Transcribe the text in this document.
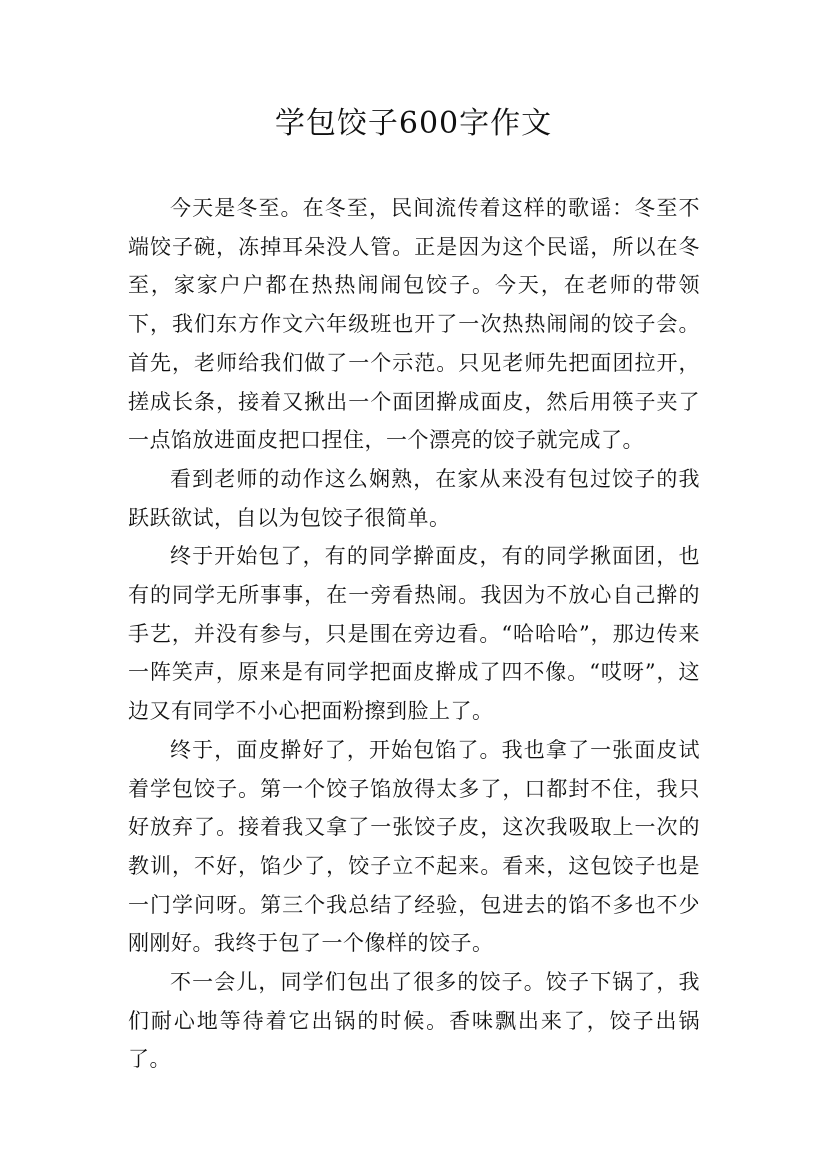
学包饺子600字作文

今天是冬至。在冬至，民间流传着这样的歌谣：冬至不端饺子碗，冻掉耳朵没人管。正是因为这个民谣，所以在冬至，家家户户都在热热闹闹包饺子。今天，在老师的带领下，我们东方作文六年级班也开了一次热热闹闹的饺子会。首先，老师给我们做了一个示范。只见老师先把面团拉开，搓成长条，接着又揪出一个面团擀成面皮，然后用筷子夹了一点馅放进面皮把口捏住，一个漂亮的饺子就完成了。

看到老师的动作这么娴熟，在家从来没有包过饺子的我跃跃欲试，自以为包饺子很简单。

终于开始包了，有的同学擀面皮，有的同学揪面团，也有的同学无所事事，在一旁看热闹。我因为不放心自己擀的手艺，并没有参与，只是围在旁边看。“哈哈哈”，那边传来一阵笑声，原来是有同学把面皮擀成了四不像。“哎呀”，这边又有同学不小心把面粉擦到脸上了。

终于，面皮擀好了，开始包馅了。我也拿了一张面皮试着学包饺子。第一个饺子馅放得太多了，口都封不住，我只好放弃了。接着我又拿了一张饺子皮，这次我吸取上一次的教训，不好，馅少了，饺子立不起来。看来，这包饺子也是一门学问呀。第三个我总结了经验，包进去的馅不多也不少刚刚好。我终于包了一个像样的饺子。

不一会儿，同学们包出了很多的饺子。饺子下锅了，我们耐心地等待着它出锅的时候。香味飘出来了，饺子出锅了。
